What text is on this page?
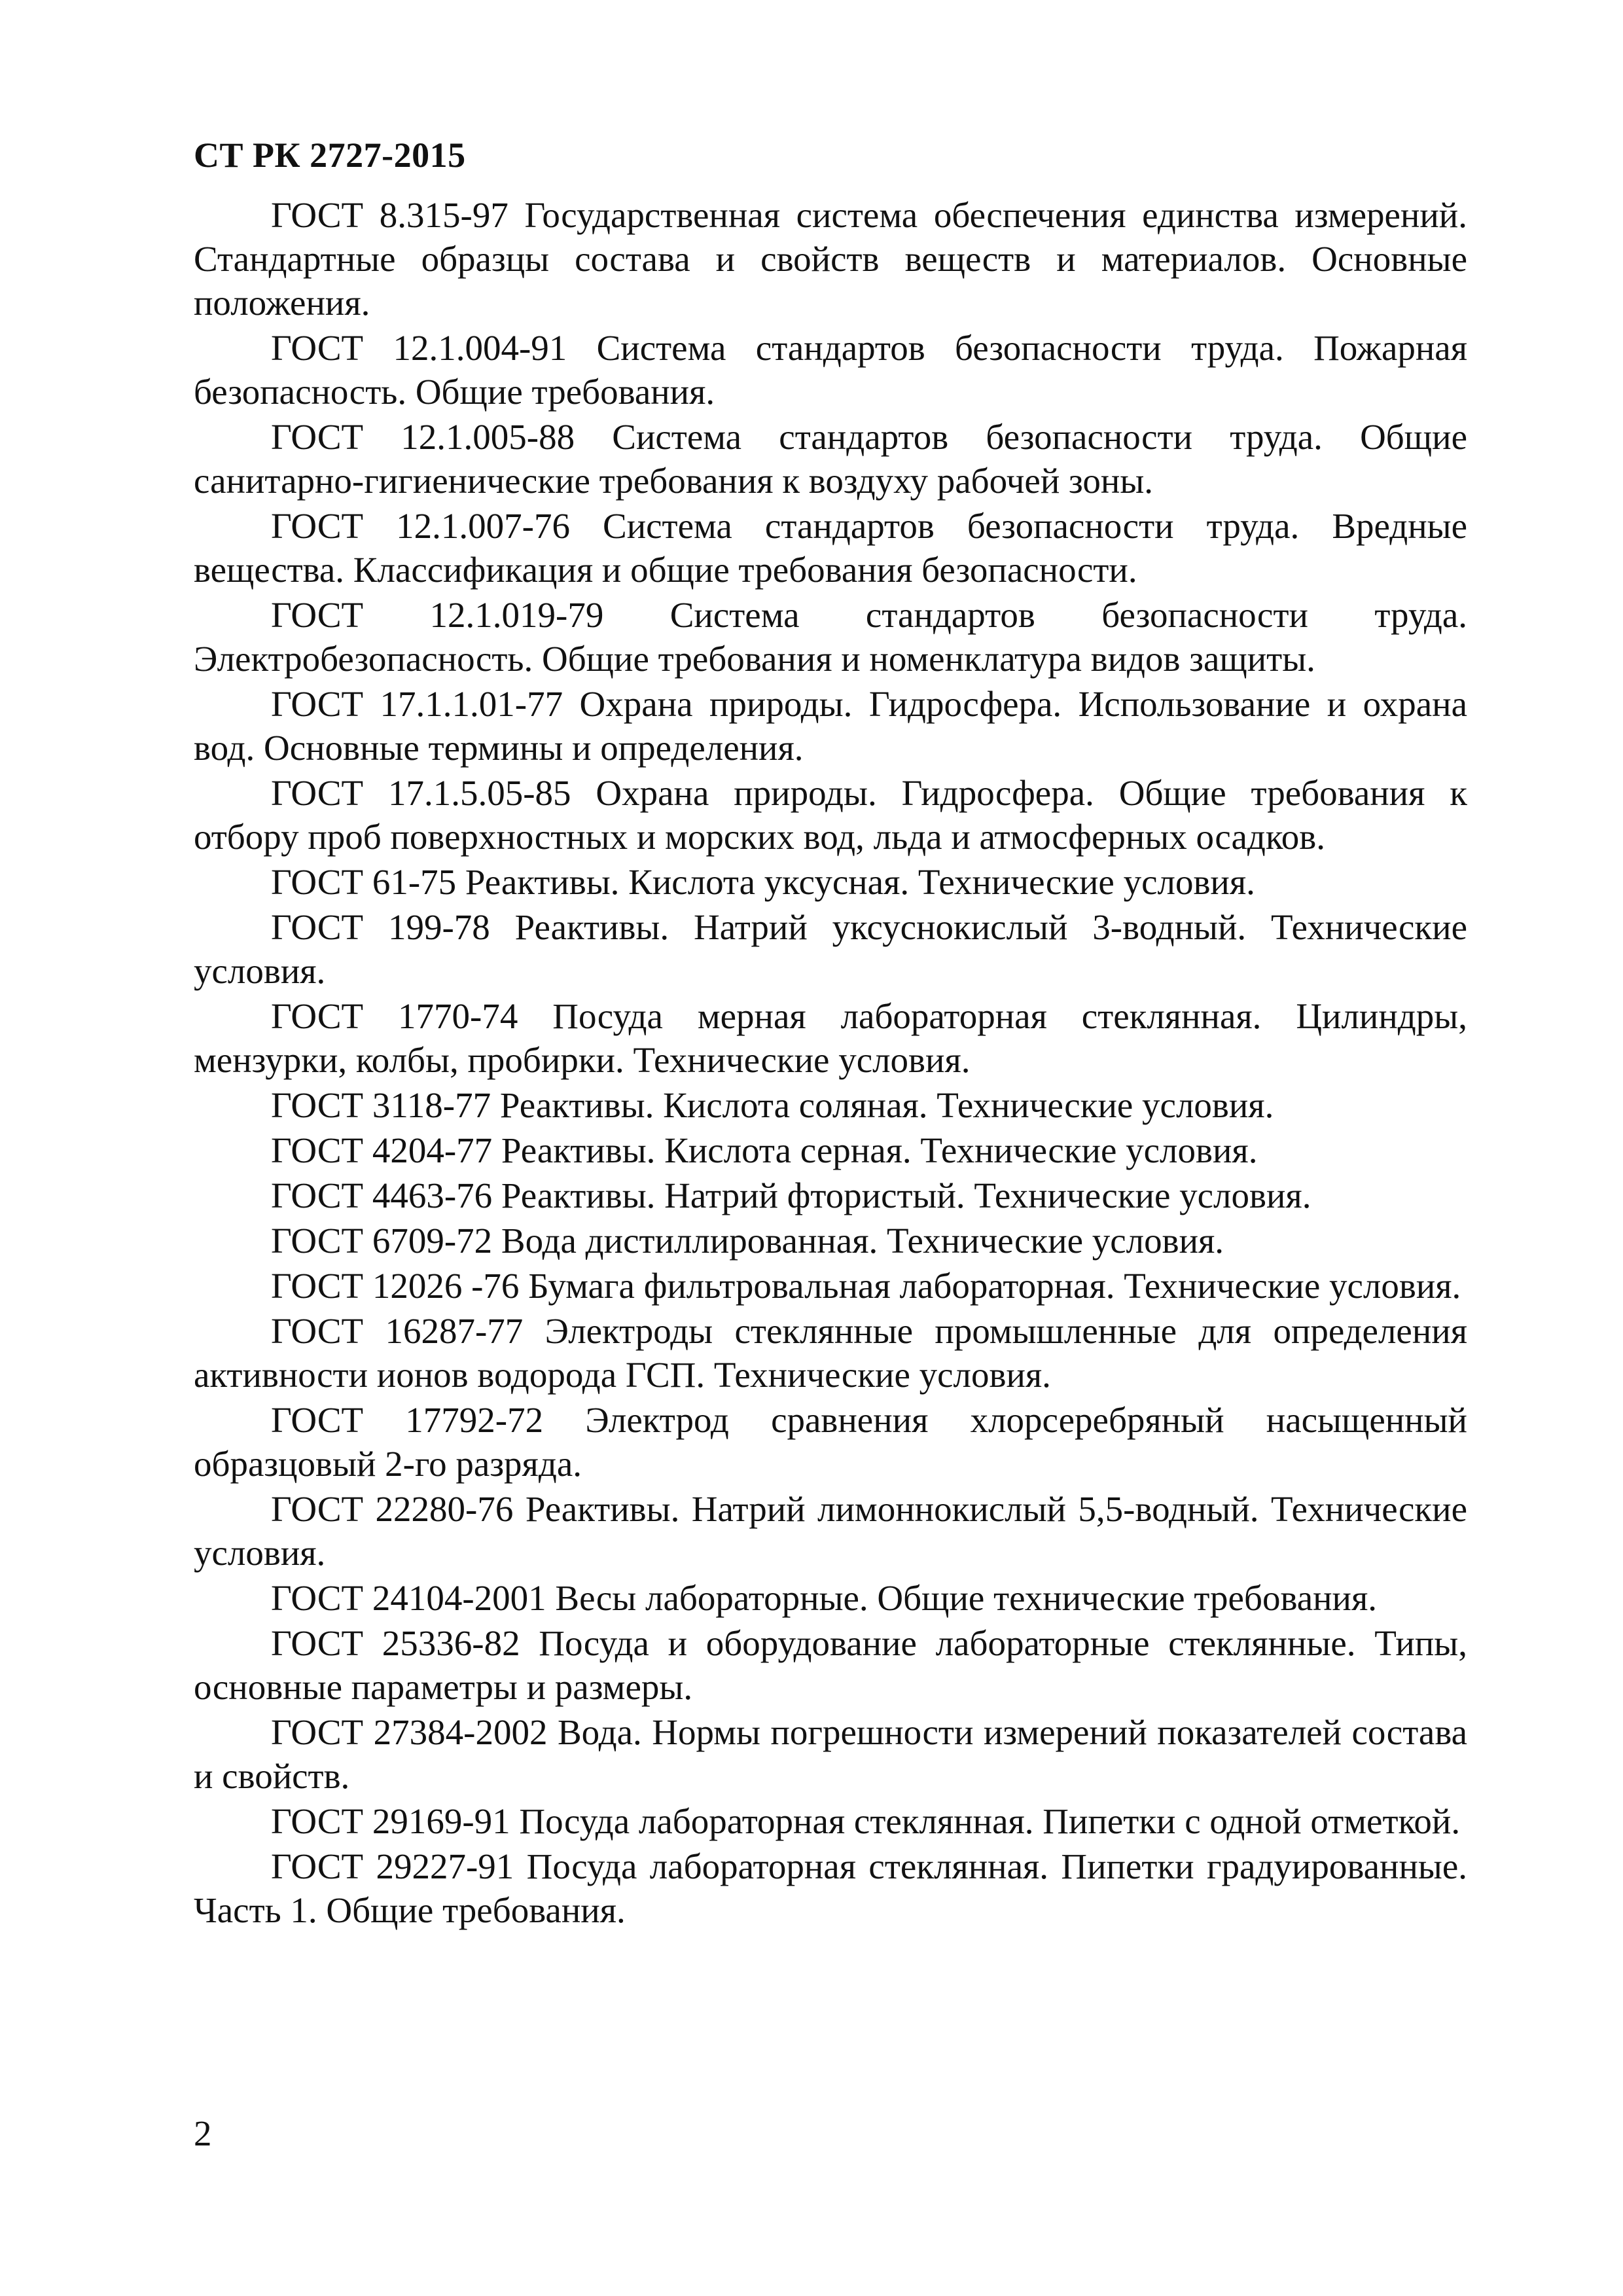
СТ РК 2727-2015

ГОСТ 8.315-97 Государственная система обеспечения единства измерений. Стандартные образцы состава и свойств веществ и материалов. Основные положения.

ГОСТ 12.1.004-91 Система стандартов безопасности труда. Пожарная безопасность. Общие требования.

ГОСТ 12.1.005-88 Система стандартов безопасности труда. Общие санитарно-гигиенические требования к воздуху рабочей зоны.

ГОСТ 12.1.007-76 Система стандартов безопасности труда. Вредные вещества. Классификация и общие требования безопасности.

ГОСТ 12.1.019-79 Система стандартов безопасности труда. Электробезопасность. Общие требования и номенклатура видов защиты.

ГОСТ 17.1.1.01-77 Охрана природы. Гидросфера. Использование и охрана вод. Основные термины и определения.

ГОСТ 17.1.5.05-85 Охрана природы. Гидросфера. Общие требования к отбору проб поверхностных и морских вод, льда и атмосферных осадков.

ГОСТ 61-75 Реактивы. Кислота уксусная. Технические условия.

ГОСТ 199-78 Реактивы. Натрий уксуснокислый 3-водный. Технические условия.

ГОСТ 1770-74 Посуда мерная лабораторная стеклянная. Цилиндры, мензурки, колбы, пробирки. Технические условия.

ГОСТ 3118-77 Реактивы. Кислота соляная. Технические условия.

ГОСТ 4204-77 Реактивы. Кислота серная. Технические условия.

ГОСТ 4463-76 Реактивы. Натрий фтористый. Технические условия.

ГОСТ 6709-72 Вода дистиллированная. Технические условия.

ГОСТ 12026 -76 Бумага фильтровальная лабораторная. Технические условия.

ГОСТ 16287-77 Электроды стеклянные промышленные для определения активности ионов водорода ГСП. Технические условия.

ГОСТ 17792-72 Электрод сравнения хлорсеребряный насыщенный образцовый 2-го разряда.

ГОСТ 22280-76 Реактивы. Натрий лимоннокислый 5,5-водный. Технические условия.

ГОСТ 24104-2001 Весы лабораторные. Общие технические требования.

ГОСТ 25336-82 Посуда и оборудование лабораторные стеклянные. Типы, основные параметры и размеры.

ГОСТ 27384-2002 Вода. Нормы погрешности измерений показателей состава и свойств.

ГОСТ 29169-91 Посуда лабораторная стеклянная. Пипетки с одной отметкой.

ГОСТ 29227-91 Посуда лабораторная стеклянная. Пипетки градуированные. Часть 1. Общие требования.

2
